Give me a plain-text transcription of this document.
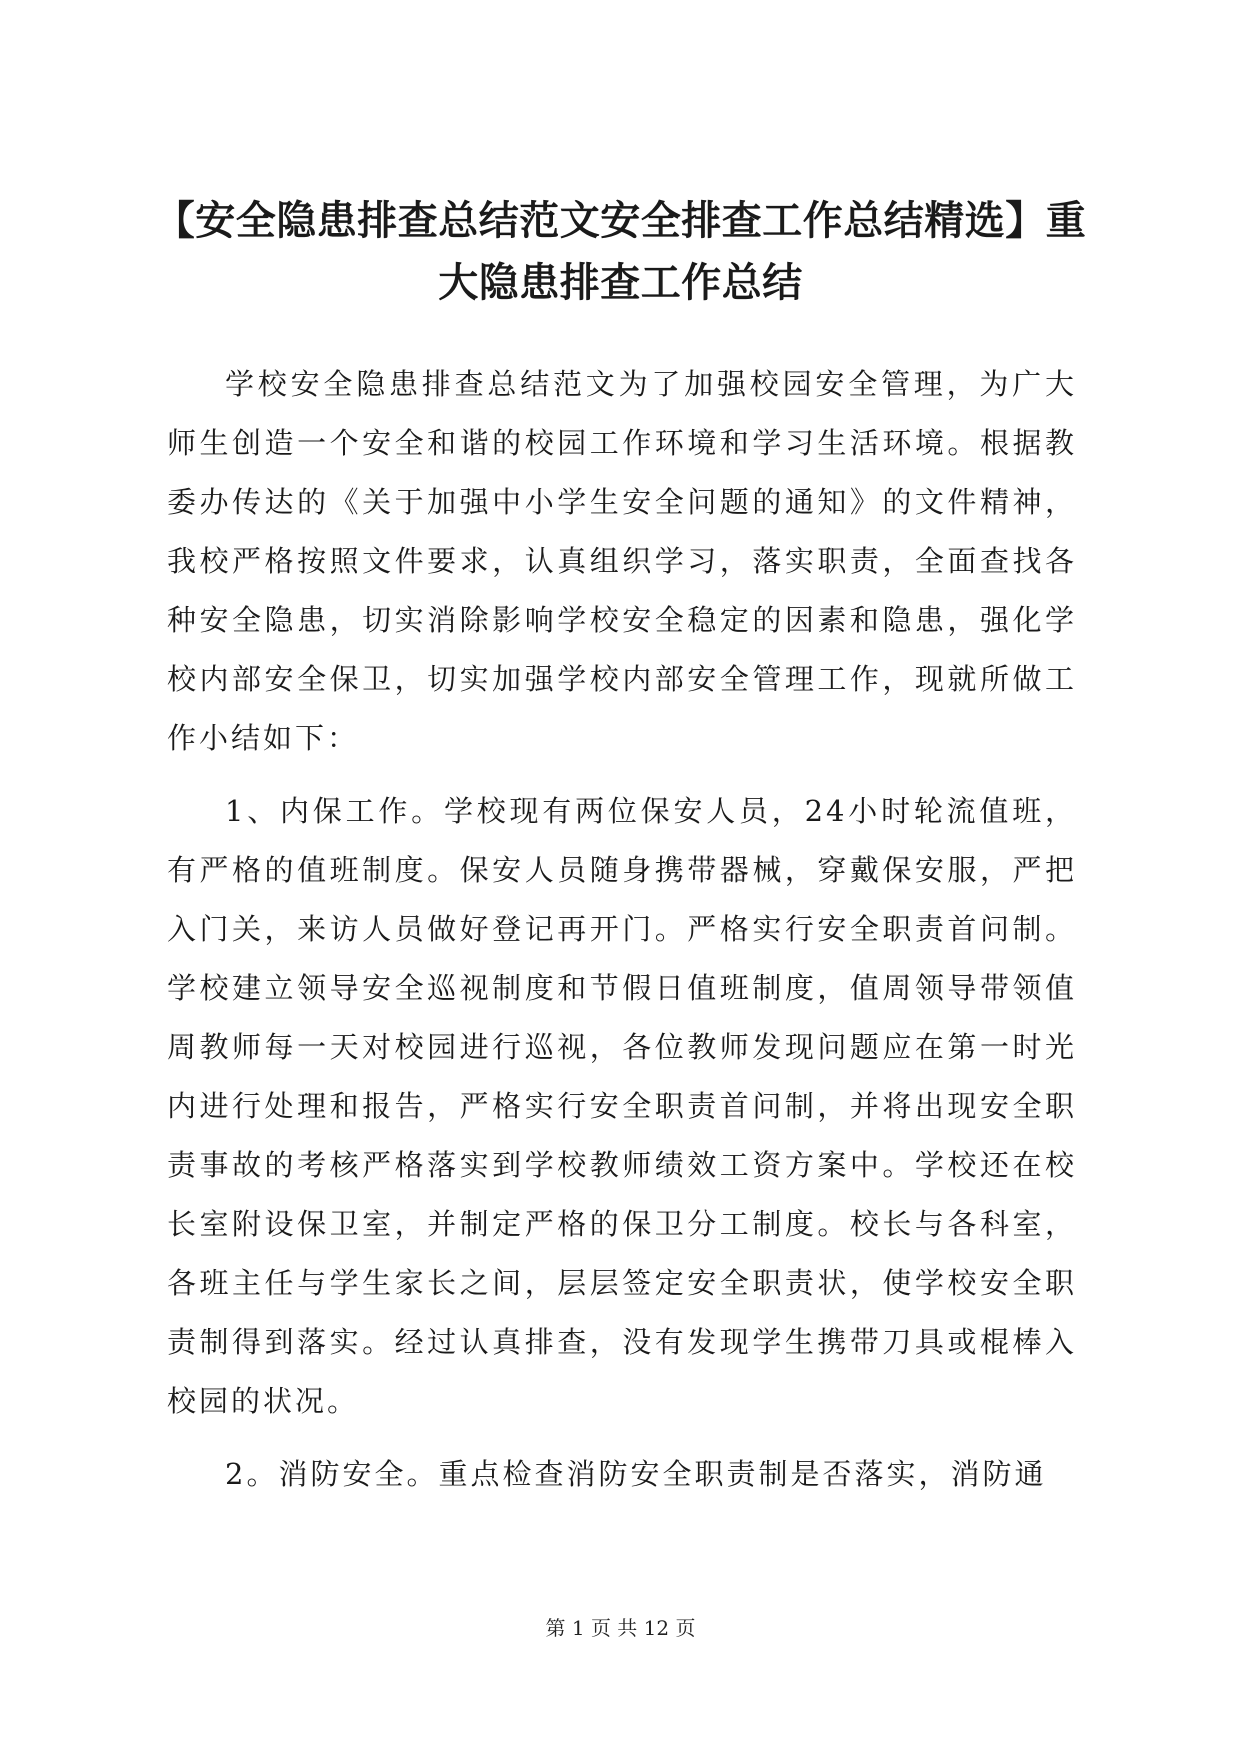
【安全隐患排查总结范文安全排查工作总结精选】重大隐患排查工作总结

学校安全隐患排查总结范文为了加强校园安全管理，为广大师生创造一个安全和谐的校园工作环境和学习生活环境。根据教委办传达的《关于加强中小学生安全问题的通知》的文件精神，我校严格按照文件要求，认真组织学习，落实职责，全面查找各种安全隐患，切实消除影响学校安全稳定的因素和隐患，强化学校内部安全保卫，切实加强学校内部安全管理工作，现就所做工作小结如下：

1、内保工作。学校现有两位保安人员，24小时轮流值班，有严格的值班制度。保安人员随身携带器械，穿戴保安服，严把入门关，来访人员做好登记再开门。严格实行安全职责首问制。学校建立领导安全巡视制度和节假日值班制度，值周领导带领值周教师每一天对校园进行巡视，各位教师发现问题应在第一时光内进行处理和报告，严格实行安全职责首问制，并将出现安全职责事故的考核严格落实到学校教师绩效工资方案中。学校还在校长室附设保卫室，并制定严格的保卫分工制度。校长与各科室，各班主任与学生家长之间，层层签定安全职责状，使学校安全职责制得到落实。经过认真排查，没有发现学生携带刀具或棍棒入校园的状况。

2。消防安全。重点检查消防安全职责制是否落实，消防通

第 1 页 共 12 页
